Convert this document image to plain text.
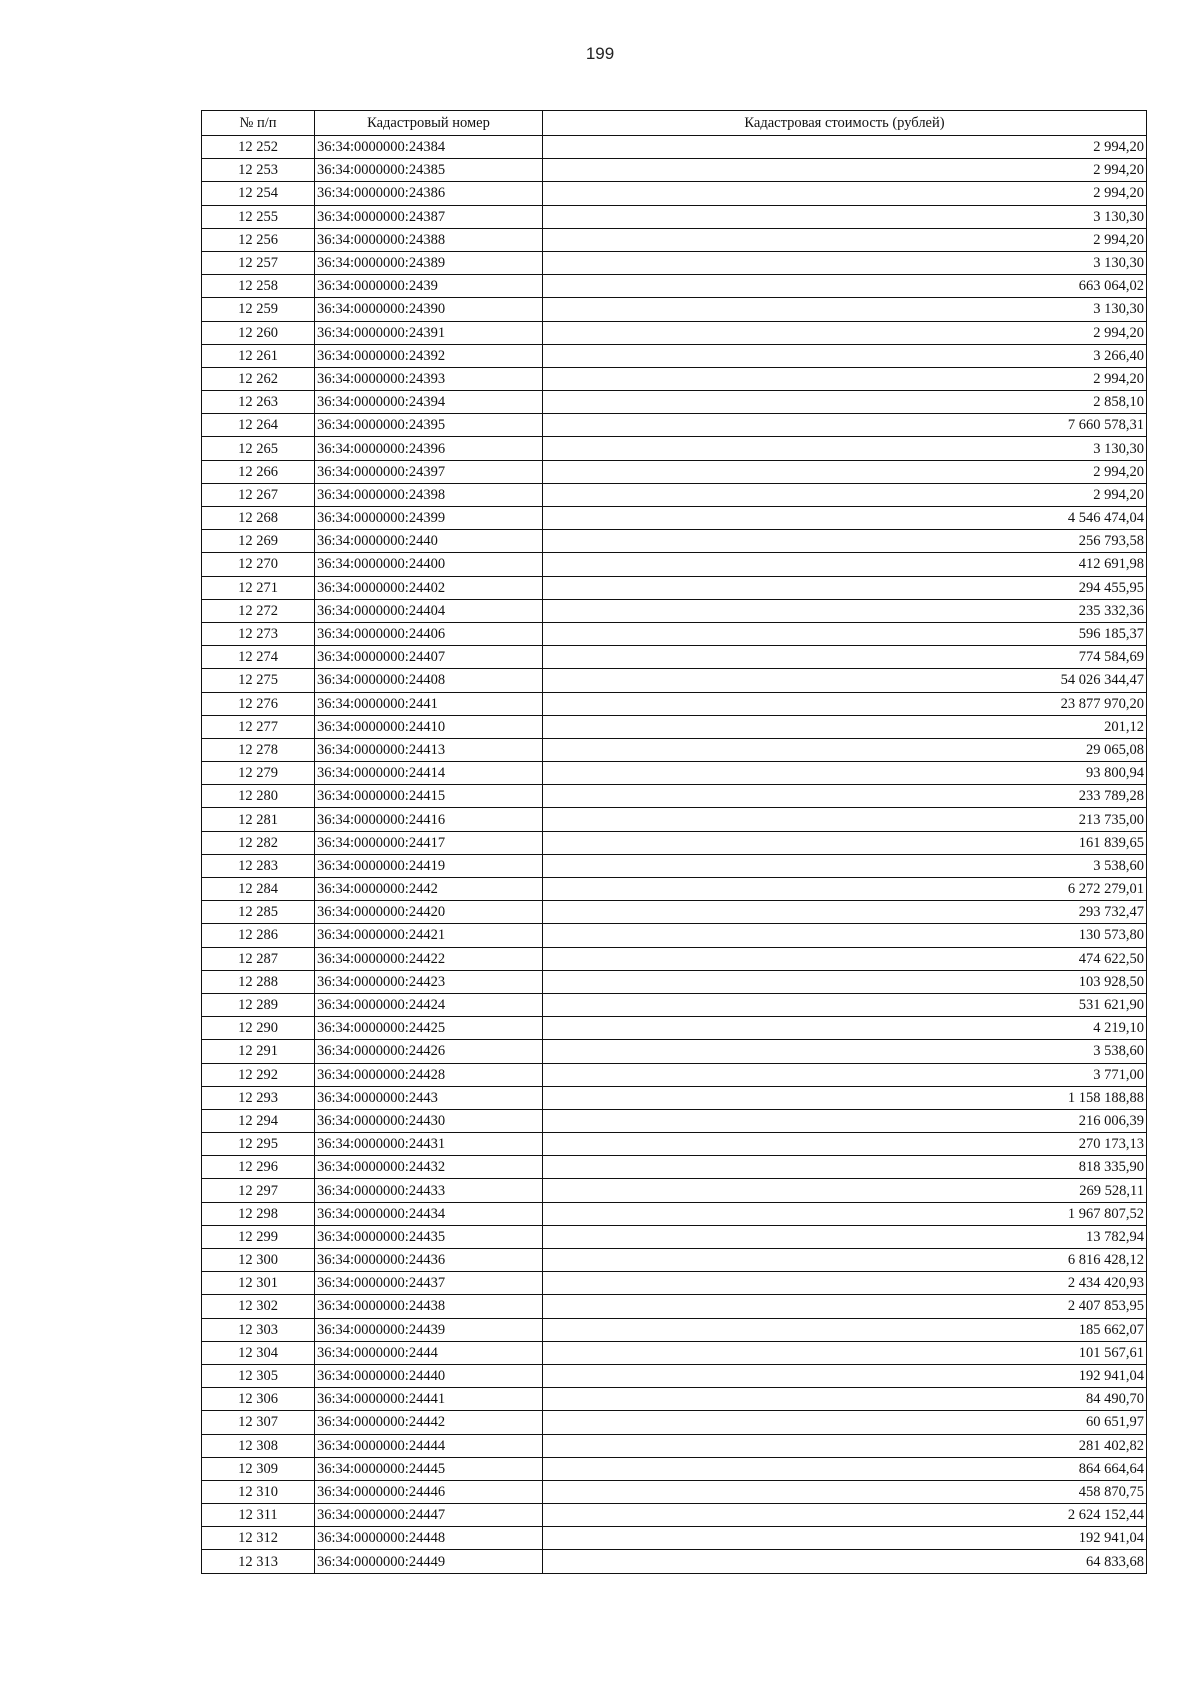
199
№ п/п	Кадастровый номер	Кадастровая стоимость (рублей)
12 252	36:34:0000000:24384	2 994,20
12 253	36:34:0000000:24385	2 994,20
12 254	36:34:0000000:24386	2 994,20
12 255	36:34:0000000:24387	3 130,30
12 256	36:34:0000000:24388	2 994,20
12 257	36:34:0000000:24389	3 130,30
12 258	36:34:0000000:2439	663 064,02
12 259	36:34:0000000:24390	3 130,30
12 260	36:34:0000000:24391	2 994,20
12 261	36:34:0000000:24392	3 266,40
12 262	36:34:0000000:24393	2 994,20
12 263	36:34:0000000:24394	2 858,10
12 264	36:34:0000000:24395	7 660 578,31
12 265	36:34:0000000:24396	3 130,30
12 266	36:34:0000000:24397	2 994,20
12 267	36:34:0000000:24398	2 994,20
12 268	36:34:0000000:24399	4 546 474,04
12 269	36:34:0000000:2440	256 793,58
12 270	36:34:0000000:24400	412 691,98
12 271	36:34:0000000:24402	294 455,95
12 272	36:34:0000000:24404	235 332,36
12 273	36:34:0000000:24406	596 185,37
12 274	36:34:0000000:24407	774 584,69
12 275	36:34:0000000:24408	54 026 344,47
12 276	36:34:0000000:2441	23 877 970,20
12 277	36:34:0000000:24410	201,12
12 278	36:34:0000000:24413	29 065,08
12 279	36:34:0000000:24414	93 800,94
12 280	36:34:0000000:24415	233 789,28
12 281	36:34:0000000:24416	213 735,00
12 282	36:34:0000000:24417	161 839,65
12 283	36:34:0000000:24419	3 538,60
12 284	36:34:0000000:2442	6 272 279,01
12 285	36:34:0000000:24420	293 732,47
12 286	36:34:0000000:24421	130 573,80
12 287	36:34:0000000:24422	474 622,50
12 288	36:34:0000000:24423	103 928,50
12 289	36:34:0000000:24424	531 621,90
12 290	36:34:0000000:24425	4 219,10
12 291	36:34:0000000:24426	3 538,60
12 292	36:34:0000000:24428	3 771,00
12 293	36:34:0000000:2443	1 158 188,88
12 294	36:34:0000000:24430	216 006,39
12 295	36:34:0000000:24431	270 173,13
12 296	36:34:0000000:24432	818 335,90
12 297	36:34:0000000:24433	269 528,11
12 298	36:34:0000000:24434	1 967 807,52
12 299	36:34:0000000:24435	13 782,94
12 300	36:34:0000000:24436	6 816 428,12
12 301	36:34:0000000:24437	2 434 420,93
12 302	36:34:0000000:24438	2 407 853,95
12 303	36:34:0000000:24439	185 662,07
12 304	36:34:0000000:2444	101 567,61
12 305	36:34:0000000:24440	192 941,04
12 306	36:34:0000000:24441	84 490,70
12 307	36:34:0000000:24442	60 651,97
12 308	36:34:0000000:24444	281 402,82
12 309	36:34:0000000:24445	864 664,64
12 310	36:34:0000000:24446	458 870,75
12 311	36:34:0000000:24447	2 624 152,44
12 312	36:34:0000000:24448	192 941,04
12 313	36:34:0000000:24449	64 833,68
